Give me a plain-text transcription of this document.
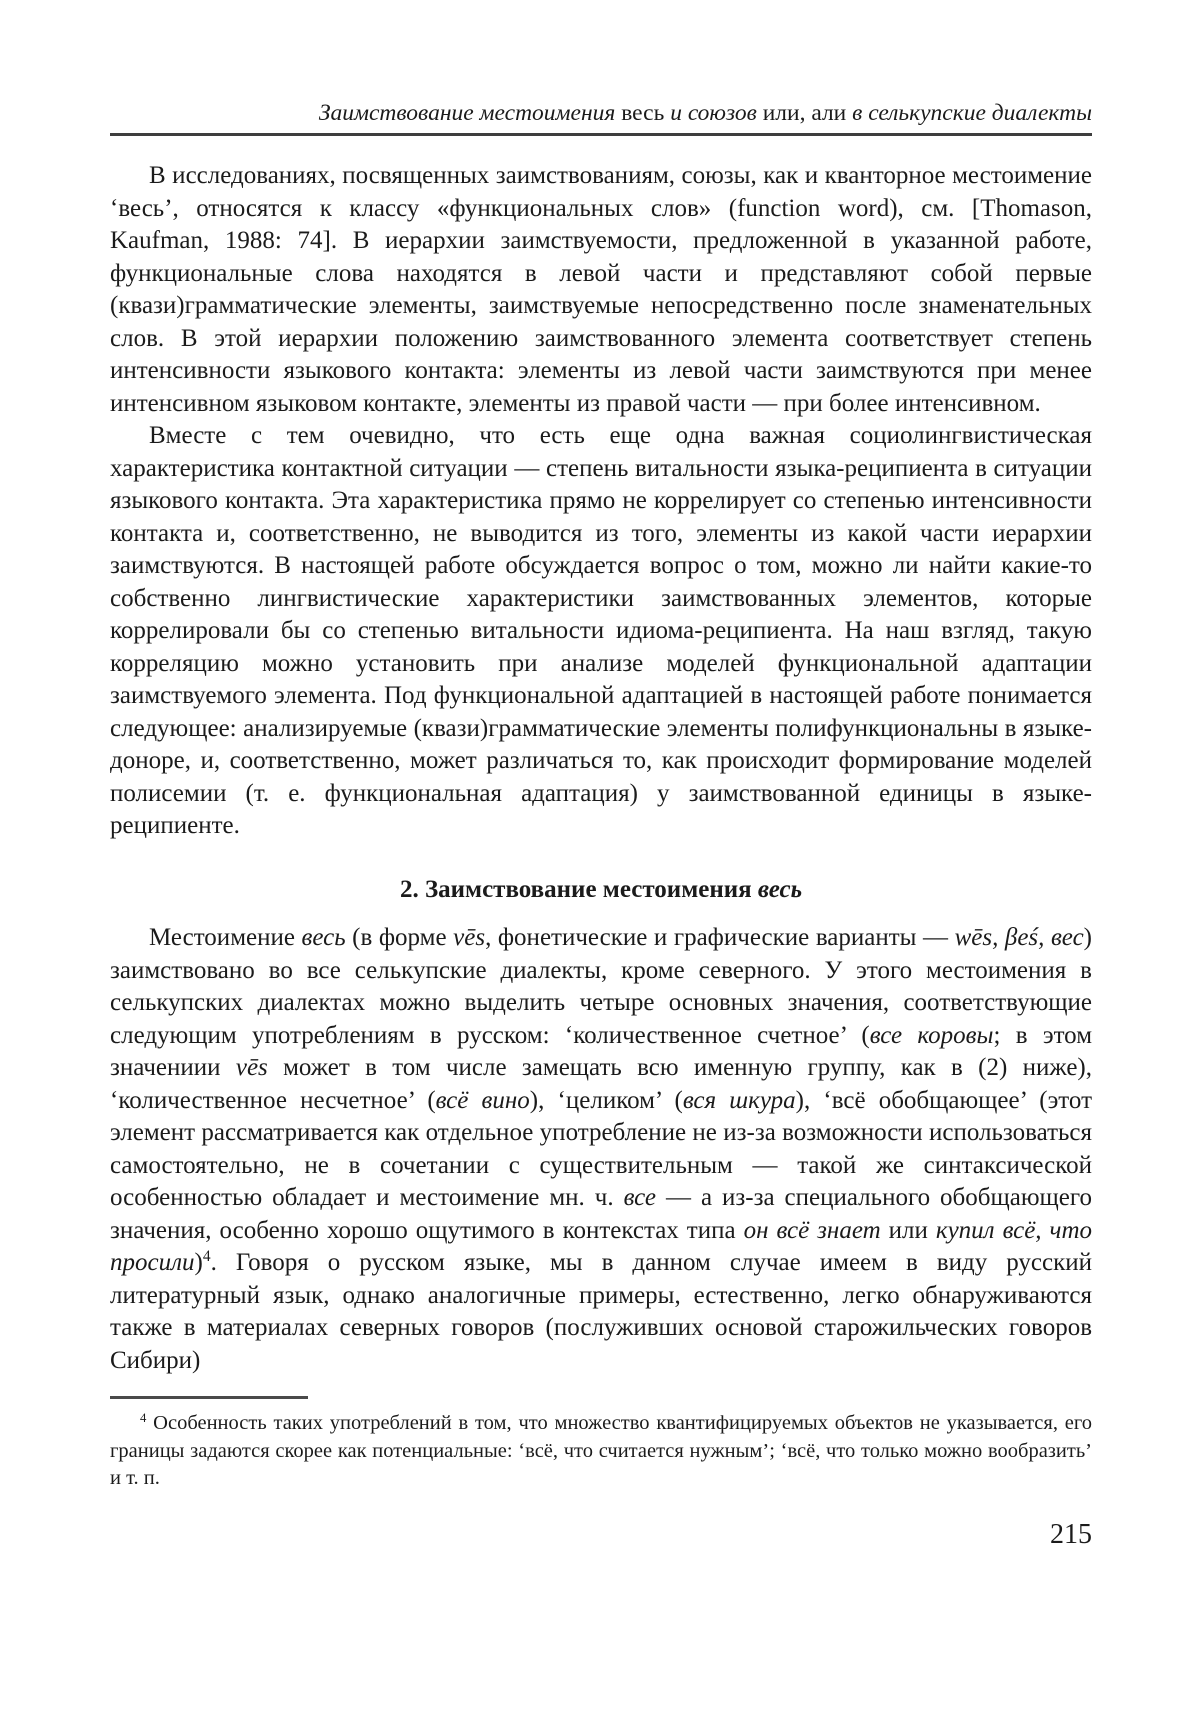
Заимствование местоимения весь и союзов или, али в селькупские диалекты

В исследованиях, посвященных заимствованиям, союзы, как и кванторное местоимение ‘весь’, относятся к классу «функциональных слов» (function word), см. [Thomason, Kaufman, 1988: 74]. В иерархии заимствуемости, предложенной в указанной работе, функциональные слова находятся в левой части и представляют собой первые (квази)грамматические элементы, заимствуемые непосредственно после знаменательных слов. В этой иерархии положению заимствованного элемента соответствует степень интенсивности языкового контакта: элементы из левой части заимствуются при менее интенсивном языковом контакте, элементы из правой части — при более интенсивном.

Вместе с тем очевидно, что есть еще одна важная социолингвистическая характеристика контактной ситуации — степень витальности языка-реципиента в ситуации языкового контакта. Эта характеристика прямо не коррелирует со степенью интенсивности контакта и, соответственно, не выводится из того, элементы из какой части иерархии заимствуются. В настоящей работе обсуждается вопрос о том, можно ли найти какие-то собственно лингвистические характеристики заимствованных элементов, которые коррелировали бы со степенью витальности идиома-реципиента. На наш взгляд, такую корреляцию можно установить при анализе моделей функциональной адаптации заимствуемого элемента. Под функциональной адаптацией в настоящей работе понимается следующее: анализируемые (квази)грамматические элементы полифункциональны в языке-доноре, и, соответственно, может различаться то, как происходит формирование моделей полисемии (т. е. функциональная адаптация) у заимствованной единицы в языке-реципиенте.

2. Заимствование местоимения весь

Местоимение весь (в форме vēs, фонетические и графические варианты — wēs, βeś, вес) заимствовано во все селькупские диалекты, кроме северного. У этого местоимения в селькупских диалектах можно выделить четыре основных значения, соответствующие следующим употреблениям в русском: ‘количественное счетное’ (все коровы; в этом значениии vēs может в том числе замещать всю именную группу, как в (2) ниже), ‘количественное несчетное’ (всё вино), ‘целиком’ (вся шкура), ‘всё обобщающее’ (этот элемент рассматривается как отдельное употребление не из-за возможности использоваться самостоятельно, не в сочетании с существительным — такой же синтаксической особенностью обладает и местоимение мн. ч. все — а из-за специального обобщающего значения, особенно хорошо ощутимого в контекстах типа он всё знает или купил всё, что просили)$^4$. Говоря о русском языке, мы в данном случае имеем в виду русский литературный язык, однако аналогичные примеры, естественно, легко обнаруживаются также в материалах северных говоров (послуживших основой старожильческих говоров Сибири)

$^4$ Особенность таких употреблений в том, что множество квантифицируемых объектов не указывается, его границы задаются скорее как потенциальные: ‘всё, что считается нужным’; ‘всё, что только можно вообразить’ и т. п.

215
